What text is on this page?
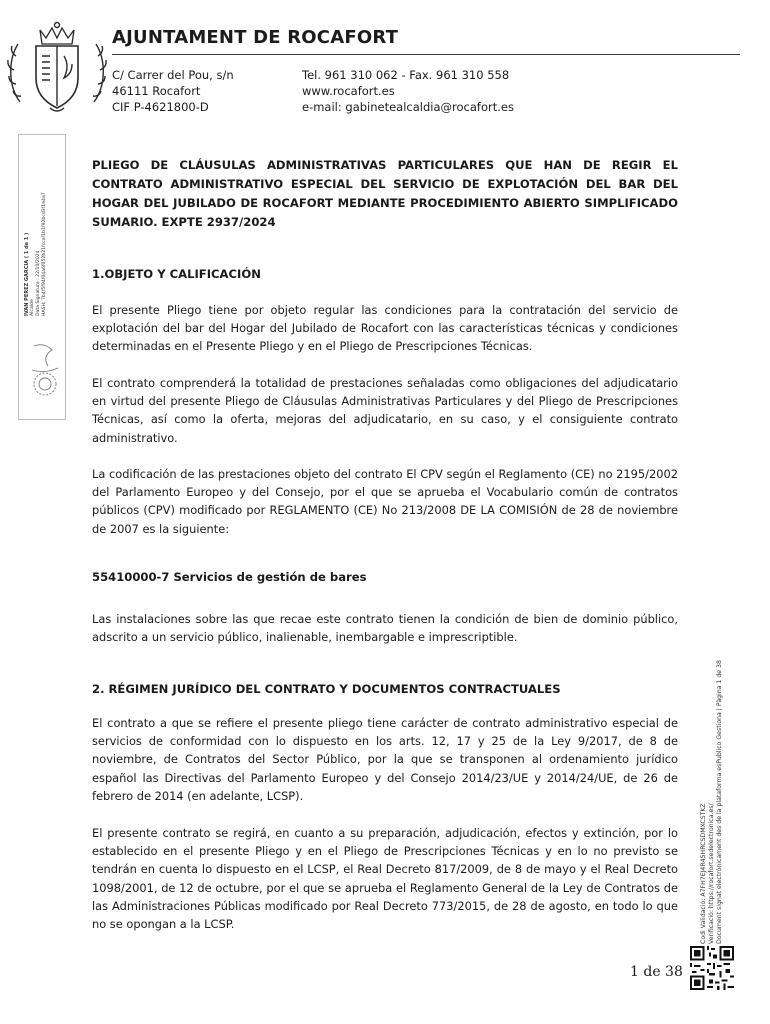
AJUNTAMENT DE ROCAFORT
C/ Carrer del Pou, s/n
46111 Rocafort
CIF P-4621800-D
Tel. 961 310 062 - Fax. 961 310 558
www.rocafort.es
e-mail: gabinetealcaldia@rocafort.es
IVAN PEREZ GARCIA ( 1 de 1 ) Alcalde Data Signatura : 22/10/2024 HASH: 7b4f5f94f04a6f052b21fccaf1b1f92bcd3f1e4a7

PLIEGO DE CLÁUSULAS ADMINISTRATIVAS PARTICULARES QUE HAN DE REGIR EL CONTRATO ADMINISTRATIVO ESPECIAL DEL SERVICIO DE EXPLOTACIÓN DEL BAR DEL HOGAR DEL JUBILADO DE ROCAFORT MEDIANTE PROCEDIMIENTO ABIERTO SIMPLIFICADO SUMARIO. EXPTE 2937/2024

1.OBJETO Y CALIFICACIÓN

El presente Pliego tiene por objeto regular las condiciones para la contratación del servicio de explotación del bar del Hogar del Jubilado de Rocafort con las características técnicas y condiciones determinadas en el Presente Pliego y en el Pliego de Prescripciones Técnicas.

El contrato comprenderá la totalidad de prestaciones señaladas como obligaciones del adjudicatario en virtud del presente Pliego de Cláusulas Administrativas Particulares y del Pliego de Prescripciones Técnicas, así como la oferta, mejoras del adjudicatario, en su caso, y el consiguiente contrato administrativo.

La codificación de las prestaciones objeto del contrato El CPV según el Reglamento (CE) no 2195/2002 del Parlamento Europeo y del Consejo, por el que se aprueba el Vocabulario común de contratos públicos (CPV) modificado por REGLAMENTO (CE) No 213/2008 DE LA COMISIÓN de 28 de noviembre de 2007 es la siguiente:

55410000-7 Servicios de gestión de bares

Las instalaciones sobre las que recae este contrato tienen la condición de bien de dominio público, adscrito a un servicio público, inalienable, inembargable e imprescriptible.

2. RÉGIMEN JURÍDICO DEL CONTRATO Y DOCUMENTOS CONTRACTUALES

El contrato a que se refiere el presente pliego tiene carácter de contrato administrativo especial de servicios de conformidad con lo dispuesto en los arts. 12, 17 y 25 de la Ley 9/2017, de 8 de noviembre, de Contratos del Sector Público, por la que se transponen al ordenamiento jurídico español las Directivas del Parlamento Europeo y del Consejo 2014/23/UE y 2014/24/UE, de 26 de febrero de 2014 (en adelante, LCSP).

El presente contrato se regirá, en cuanto a su preparación, adjudicación, efectos y extinción, por lo establecido en el presente Pliego y en el Pliego de Prescripciones Técnicas y en lo no previsto se tendrán en cuenta lo dispuesto en el LCSP, el Real Decreto 817/2009, de 8 de mayo y el Real Decreto 1098/2001, de 12 de octubre, por el que se aprueba el Reglamento General de la Ley de Contratos de las Administraciones Públicas modificado por Real Decreto 773/2015, de 28 de agosto, en todo lo que no se opongan a la LCSP.

1 de 38
Codi Validació: A7FH7EJ4R45HRCSDMXCSTKZ Verificació: https://rocafort.sedelectronica.es/ Document signat electrònicament des de la plataforma esPublico Gestiona | Pàgina 1 de 38
